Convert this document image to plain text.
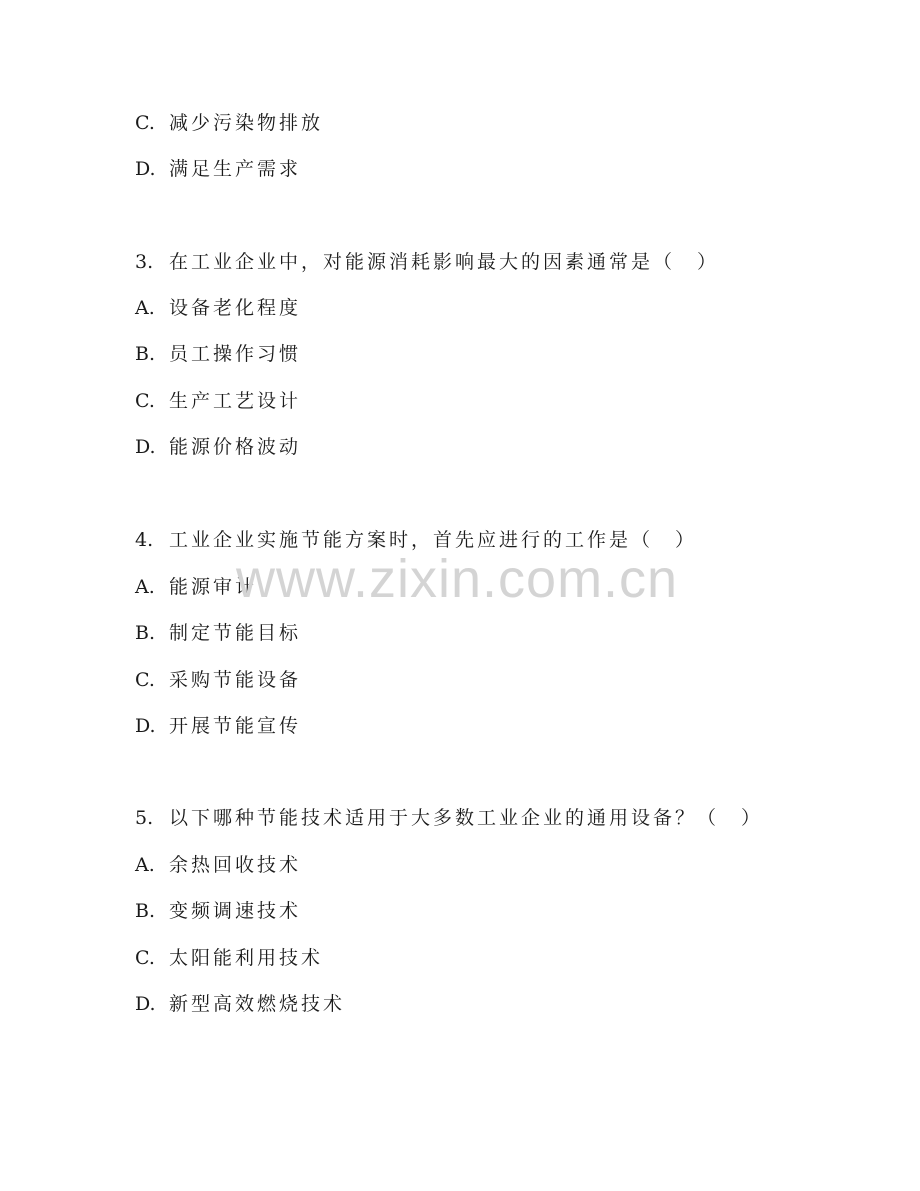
C. 减少污染物排放
D. 满足生产需求
3. 在工业企业中，对能源消耗影响最大的因素通常是（　）
A. 设备老化程度
B. 员工操作习惯
C. 生产工艺设计
D. 能源价格波动
4. 工业企业实施节能方案时，首先应进行的工作是（　）
A. 能源审计
B. 制定节能目标
C. 采购节能设备
D. 开展节能宣传
5. 以下哪种节能技术适用于大多数工业企业的通用设备？（　）
A. 余热回收技术
B. 变频调速技术
C. 太阳能利用技术
D. 新型高效燃烧技术
www.zixin.com.cn
